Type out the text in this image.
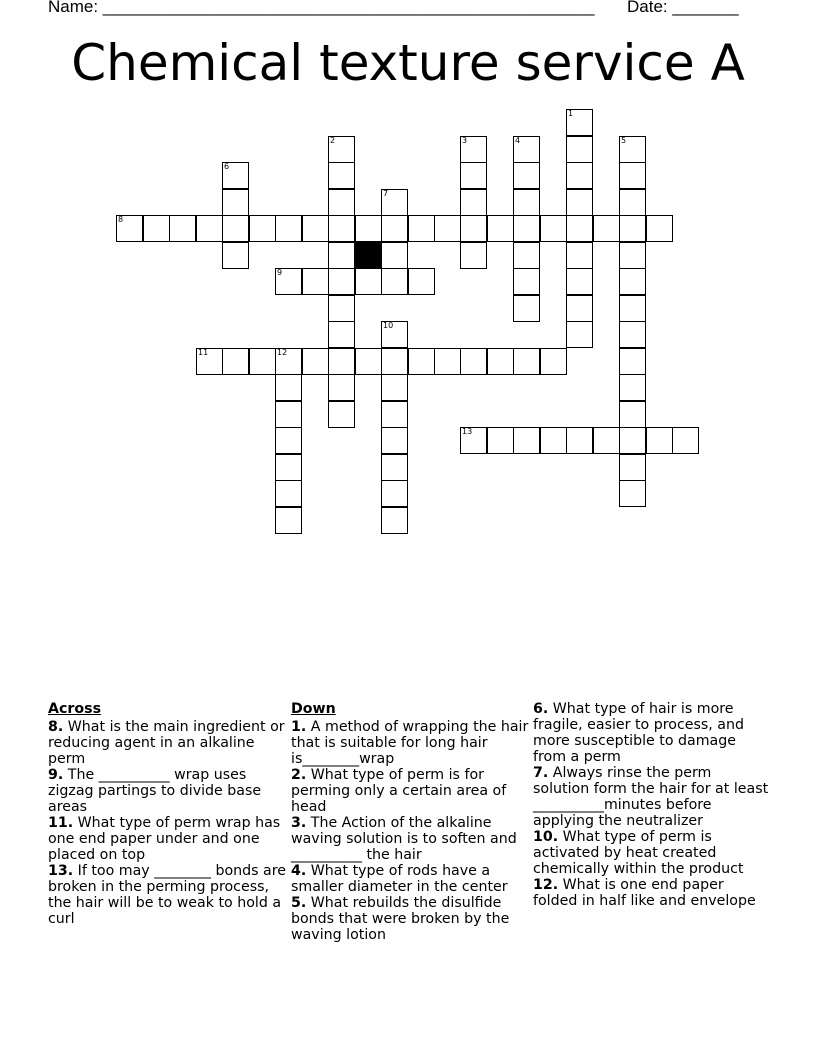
Name: ____________________________________________________ Date: _______
Chemical texture service A
1
2	3	4	5
6
7
8
9
10
11	12
13
Across

8. What is the main ingredient or reducing agent in an alkaline perm

9. The __________ wrap uses zigzag partings to divide base areas

11. What type of perm wrap has one end paper under and one placed on top

13. If too may ________ bonds are broken in the perming process, the hair will be to weak to hold a curl

Down

1. A method of wrapping the hair that is suitable for long hair is________wrap

2. What type of perm is for perming only a certain area of head

3. The Action of the alkaline waving solution is to soften and __________ the hair

4. What type of rods have a smaller diameter in the center

5. What rebuilds the disulfide bonds that were broken by the waving lotion

6. What type of hair is more fragile, easier to process, and more susceptible to damage from a perm

7. Always rinse the perm solution form the hair for at least __________minutes before applying the neutralizer

10. What type of perm is activated by heat created chemically within the product

12. What is one end paper folded in half like and envelope
